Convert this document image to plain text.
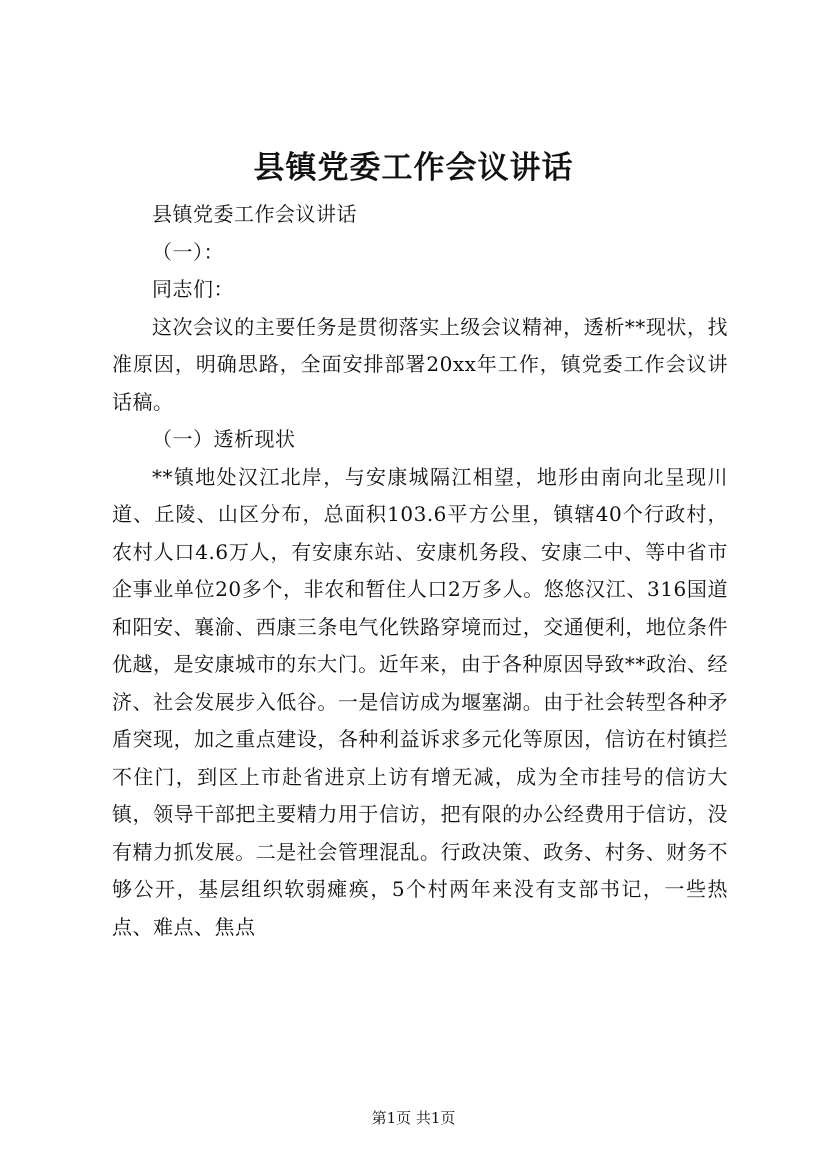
县镇党委工作会议讲话

县镇党委工作会议讲话

（一）：

同志们：

这次会议的主要任务是贯彻落实上级会议精神，透析**现状，找准原因，明确思路，全面安排部署20xx年工作，镇党委工作会议讲话稿。

（一）透析现状

**镇地处汉江北岸，与安康城隔江相望，地形由南向北呈现川道、丘陵、山区分布，总面积103.6平方公里，镇辖40个行政村，农村人口4.6万人，有安康东站、安康机务段、安康二中、等中省市企事业单位20多个，非农和暂住人口2万多人。悠悠汉江、316国道和阳安、襄渝、西康三条电气化铁路穿境而过，交通便利，地位条件优越，是安康城市的东大门。近年来，由于各种原因导致**政治、经济、社会发展步入低谷。一是信访成为堰塞湖。由于社会转型各种矛盾突现，加之重点建设，各种利益诉求多元化等原因，信访在村镇拦不住门，到区上市赴省进京上访有增无减，成为全市挂号的信访大镇，领导干部把主要精力用于信访，把有限的办公经费用于信访，没有精力抓发展。二是社会管理混乱。行政决策、政务、村务、财务不够公开，基层组织软弱瘫痪，5个村两年来没有支部书记，一些热点、难点、焦点

第1页 共1页
